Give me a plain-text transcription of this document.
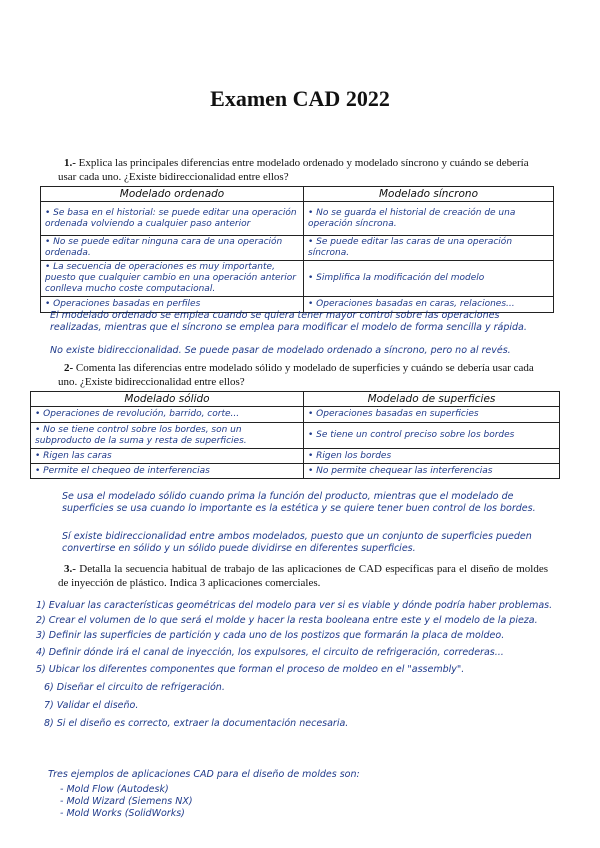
Examen CAD 2022
1.- Explica las principales diferencias entre modelado ordenado y modelado síncrono y cuándo se debería usar cada uno. ¿Existe bidireccionalidad entre ellos?
Modelado ordenado	Modelado síncrono
• Se basa en el historial: se puede editar una operación ordenada volviendo a cualquier paso anterior	• No se guarda el historial de creación de una operación síncrona.
• No se puede editar ninguna cara de una operación ordenada.	• Se puede editar las caras de una operación síncrona.
• La secuencia de operaciones es muy importante, puesto que cualquier cambio en una operación anterior conlleva mucho coste computacional.	• Simplifica la modificación del modelo
• Operaciones basadas en perfiles	• Operaciones basadas en caras, relaciones...
El modelado ordenado se emplea cuando se quiera tener mayor control sobre las operaciones realizadas, mientras que el síncrono se emplea para modificar el modelo de forma sencilla y rápida.
No existe bidireccionalidad. Se puede pasar de modelado ordenado a síncrono, pero no al revés.
2- Comenta las diferencias entre modelado sólido y modelado de superficies y cuándo se debería usar cada uno. ¿Existe bidireccionalidad entre ellos?
Modelado sólido	Modelado de superficies
• Operaciones de revolución, barrido, corte...	• Operaciones basadas en superficies
• No se tiene control sobre los bordes, son un subproducto de la suma y resta de superficies.	• Se tiene un control preciso sobre los bordes
• Rigen las caras	• Rigen los bordes
• Permite el chequeo de interferencias	• No permite chequear las interferencias
Se usa el modelado sólido cuando prima la función del producto, mientras que el modelado de superficies se usa cuando lo importante es la estética y se quiere tener buen control de los bordes.
Sí existe bidireccionalidad entre ambos modelados, puesto que un conjunto de superficies pueden convertirse en sólido y un sólido puede dividirse en diferentes superficies.
3.- Detalla la secuencia habitual de trabajo de las aplicaciones de CAD específicas para el diseño de moldes de inyección de plástico. Indica 3 aplicaciones comerciales.
1) Evaluar las características geométricas del modelo para ver si es viable y dónde podría haber problemas.
2) Crear el volumen de lo que será el molde y hacer la resta booleana entre este y el modelo de la pieza.
3) Definir las superficies de partición y cada uno de los postizos que formarán la placa de moldeo.
4) Definir dónde irá el canal de inyección, los expulsores, el circuito de refrigeración, correderas...
5) Ubicar los diferentes componentes que forman el proceso de moldeo en el "assembly".
6) Diseñar el circuito de refrigeración.
7) Validar el diseño.
8) Si el diseño es correcto, extraer la documentación necesaria.
Tres ejemplos de aplicaciones CAD para el diseño de moldes son:
- Mold Flow (Autodesk)
- Mold Wizard (Siemens NX)
- Mold Works (SolidWorks)
